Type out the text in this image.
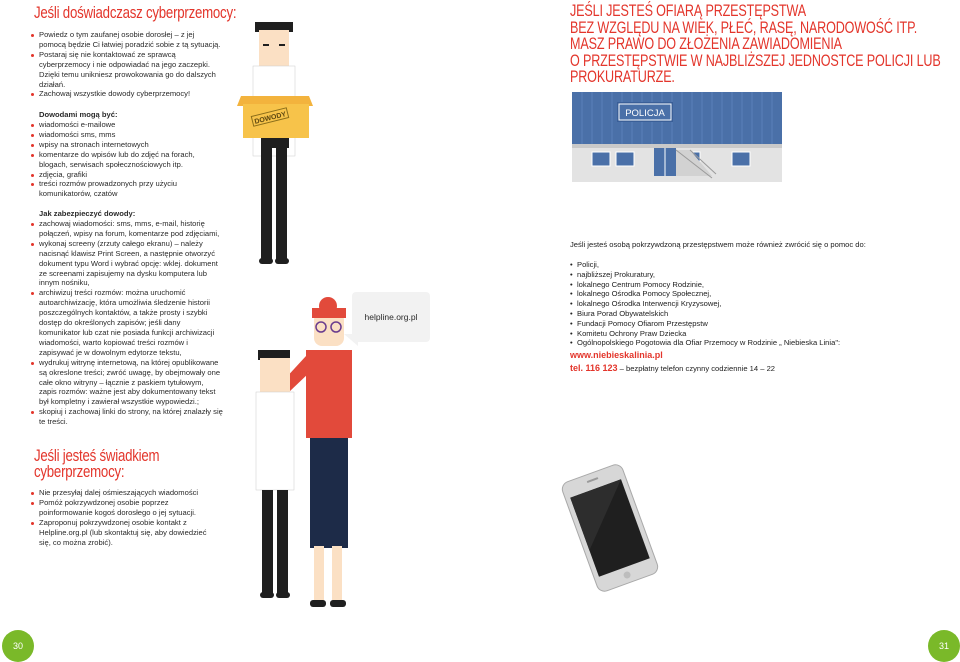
Jeśli doświadczasz cyberprzemocy:
Powiedz o tym zaufanej osobie dorosłej – z jej pomocą będzie Ci łatwiej poradzić sobie z tą sytuacją.
Postaraj się nie kontaktować ze sprawcą cyberprzemocy i nie odpowiadać na jego zaczepki. Dzięki temu unikniesz prowokowania go do dalszych działań.
Zachowaj wszystkie dowody cyberprzemocy!
Dowodami mogą być:
wiadomości e-mailowe
wiadomości sms, mms
wpisy na stronach internetowych
komentarze do wpisów lub do zdjęć na forach, blogach, serwisach społecznościowych itp.
zdjęcia, grafiki
treści rozmów prowadzonych przy użyciu komunikatorów, czatów
Jak zabezpieczyć dowody:
zachowaj wiadomości: sms, mms, e-mail, historię połączeń, wpisy na forum, komentarze pod zdjęciami,
wykonaj screeny (zrzuty całego ekranu) – należy nacisnąć klawisz Print Screen, a następnie otworzyć dokument typu Word i wybrać opcję: wklej. dokument ze screenami zapisujemy na dysku komputera lub innym nośniku,
archiwizuj treści rozmów: można uruchomić autoarchiwizację, która umożliwia śledzenie historii poszczególnych kontaktów, a także prosty i szybki dostęp do określonych zapisów; jeśli dany komunikator lub czat nie posiada funkcji archiwizacji wiadomości, warto kopiować treści rozmów i zapisywać je w dowolnym edytorze tekstu,
wydrukuj witrynę internetową, na której opublikowane są okreslone treści; zwróć uwagę, by obejmowały one całe okno witryny – łącznie z paskiem tytułowym, zapis rozmów: ważne jest aby dokumentowany tekst był kompletny i zawierał wszystkie wypowiedzi.;
skopiuj i zachowaj linki do strony, na której znalazły się te treści.
Jeśli jesteś świadkiem cyberprzemocy:
Nie przesyłaj dalej ośmieszających wiadomości
Pomóż pokrzywdzonej osobie poprzez poinformowanie kogoś dorosłego o jej sytuacji.
Zaproponuj pokrzywdzonej osobie kontakt z Helpline.org.pl (lub skontaktuj się, aby dowiedzieć się, co można zrobić).
DOWODY
helpline.org.pl
30
JEŚLI JESTEŚ OFIARĄ PRZESTĘPSTWA
BEZ WZGLĘDU NA WIEK, PŁEĆ, RASĘ, NARODOWOŚĆ ITP.
MASZ PRAWO DO ZŁOŻENIA ZAWIADOMIENIA
O PRZESTĘPSTWIE W NAJBLIŻSZEJ JEDNOSTCE POLICJI LUB
PROKURATURZE.
POLICJA
Jeśli jesteś osobą pokrzywdzoną przestępstwem może również zwrócić się o pomoc do:
• Policji,
• najbliższej Prokuratury,
• lokalnego Centrum Pomocy Rodzinie,
• lokalnego Ośrodka Pomocy Społecznej,
• lokalnego Ośrodka Interwencji Kryzysowej,
• Biura Porad Obywatelskich
• Fundacji Pomocy Ofiarom Przestępstw
• Komitetu Ochrony Praw Dziecka
• Ogólnopolskiego Pogotowia dla Ofiar Przemocy w Rodzinie „ Niebieska Linia":
www.niebieskalinia.pl
tel. 116 123 – bezpłatny telefon czynny codziennie 14 – 22
31
